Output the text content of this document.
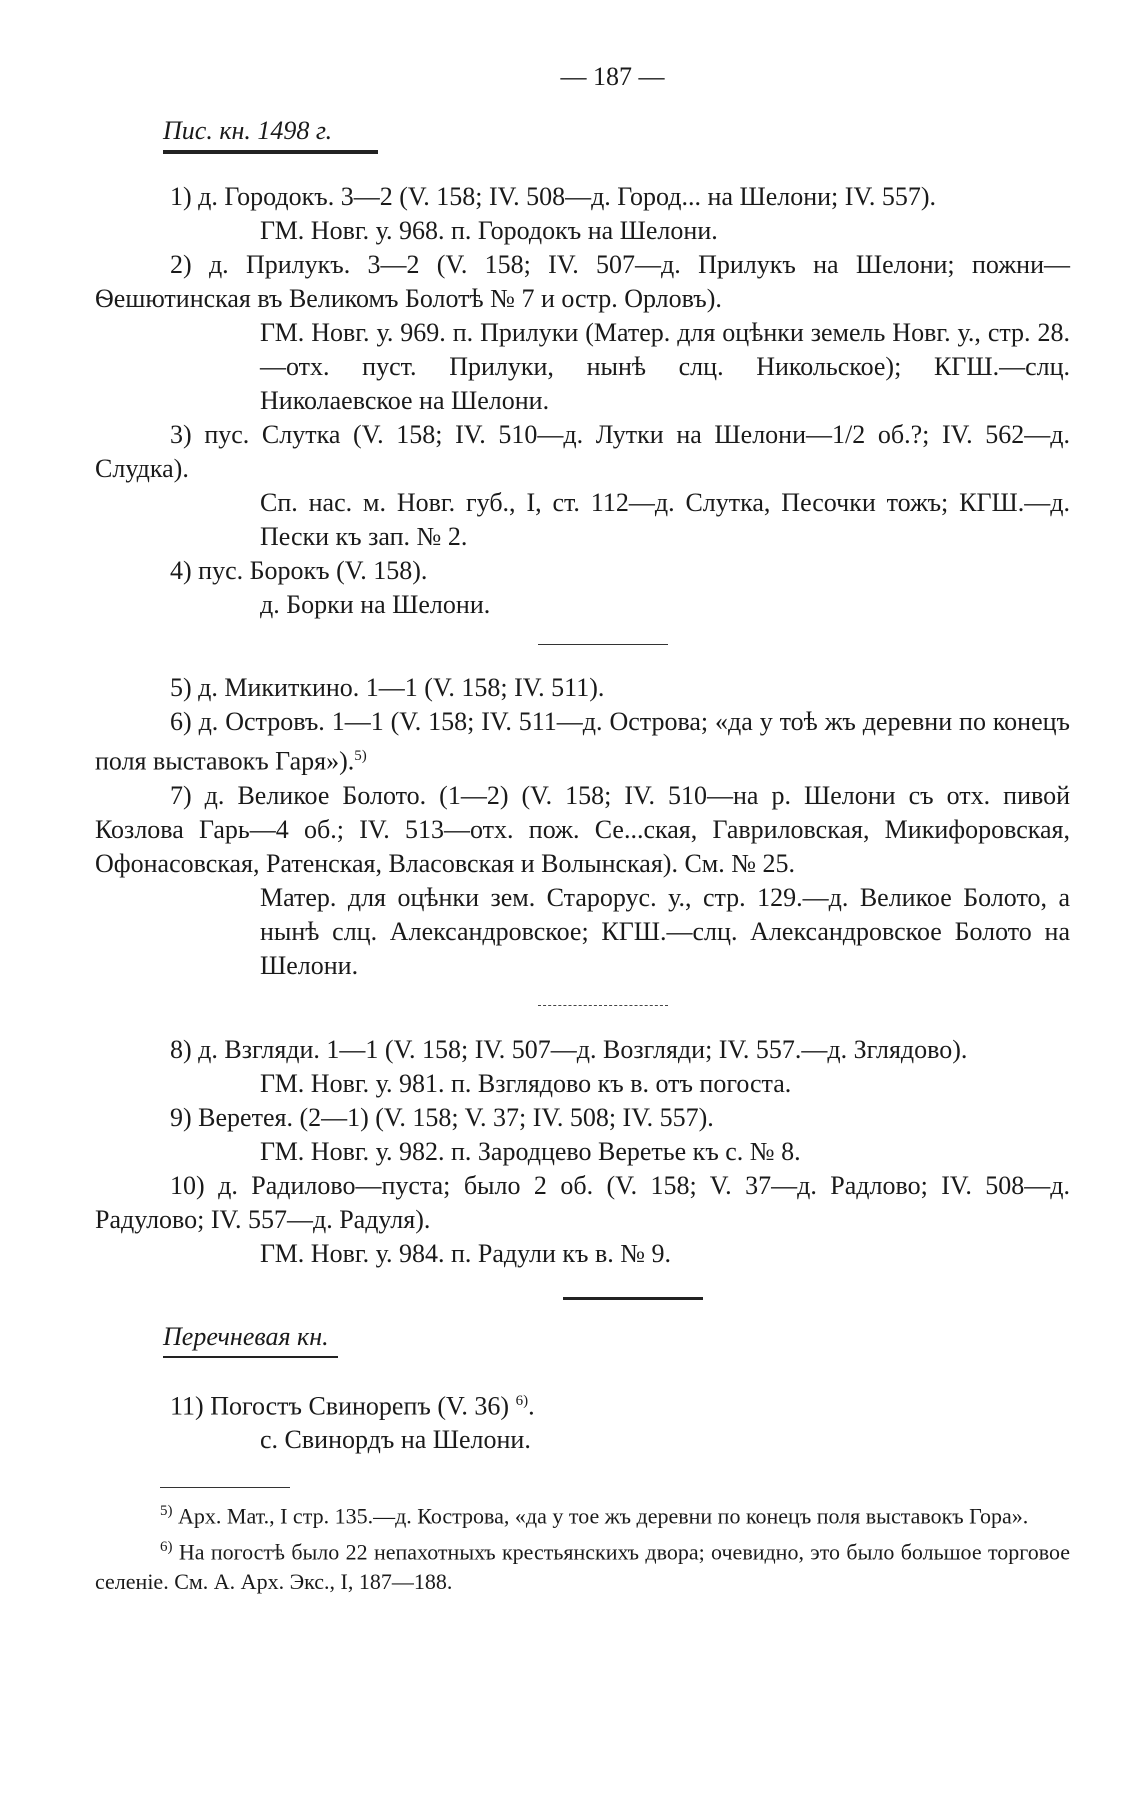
— 187 —
Пис. кн. 1498 г.

1) д. Городокъ. 3—2 (V. 158; IV. 508—д. Город... на Шелони; IV. 557).

ГМ. Новг. у. 968. п. Городокъ на Шелони.

2) д. Прилукъ. 3—2 (V. 158; IV. 507—д. Прилукъ на Шелони; пожни—Ѳешютинская въ Великомъ Болотѣ № 7 и остр. Орловъ).

ГМ. Новг. у. 969. п. Прилуки (Матер. для оцѣнки земель Новг. у., стр. 28.—отх. пуст. Прилуки, нынѣ слц. Никольское); КГШ.—слц. Николаевское на Шелони.

3) пус. Слутка (V. 158; IV. 510—д. Лутки на Шелони—1/2 об.?; IV. 562—д. Слудка).

Сп. нас. м. Новг. губ., I, ст. 112—д. Слутка, Песочки тожъ; КГШ.—д. Пески къ зап. № 2.

4) пус. Борокъ (V. 158).

д. Борки на Шелони.

5) д. Микиткино. 1—1 (V. 158; IV. 511).

6) д. Островъ. 1—1 (V. 158; IV. 511—д. Острова; «да у тоѣ жъ деревни по конецъ поля выставокъ Гаря»).$^{5)}$

7) д. Великое Болото. (1—2) (V. 158; IV. 510—на р. Шелони съ отх. пивой Козлова Гарь—4 об.; IV. 513—отх. пож. Се...ская, Гавриловская, Микифоровская, Офонасовская, Ратенская, Власовская и Волынская). См. № 25.

Матер. для оцѣнки зем. Старорус. у., стр. 129.—д. Великое Болото, а нынѣ слц. Александровское; КГШ.—слц. Александровское Болото на Шелони.

8) д. Взгляди. 1—1 (V. 158; IV. 507—д. Возгляди; IV. 557.—д. Зглядово).

ГМ. Новг. у. 981. п. Взглядово къ в. отъ погоста.

9) Веретея. (2—1) (V. 158; V. 37; IV. 508; IV. 557).

ГМ. Новг. у. 982. п. Зародцево Веретье къ с. № 8.

10) д. Радилово—пуста; было 2 об. (V. 158; V. 37—д. Радлово; IV. 508—д. Радулово; IV. 557—д. Радуля).

ГМ. Новг. у. 984. п. Радули къ в. № 9.

Перечневая кн.

11) Погостъ Свинорепъ (V. 36) $^{6)}$.

с. Свинордъ на Шелони.

$^{5)}$ Арх. Мат., I стр. 135.—д. Кострова, «да у тое жъ деревни по конецъ поля выставокъ Гора».

$^{6)}$ На погостѣ было 22 непахотныхъ крестьянскихъ двора; очевидно, это было большое торговое селеніе. См. А. Арх. Экс., I, 187—188.
